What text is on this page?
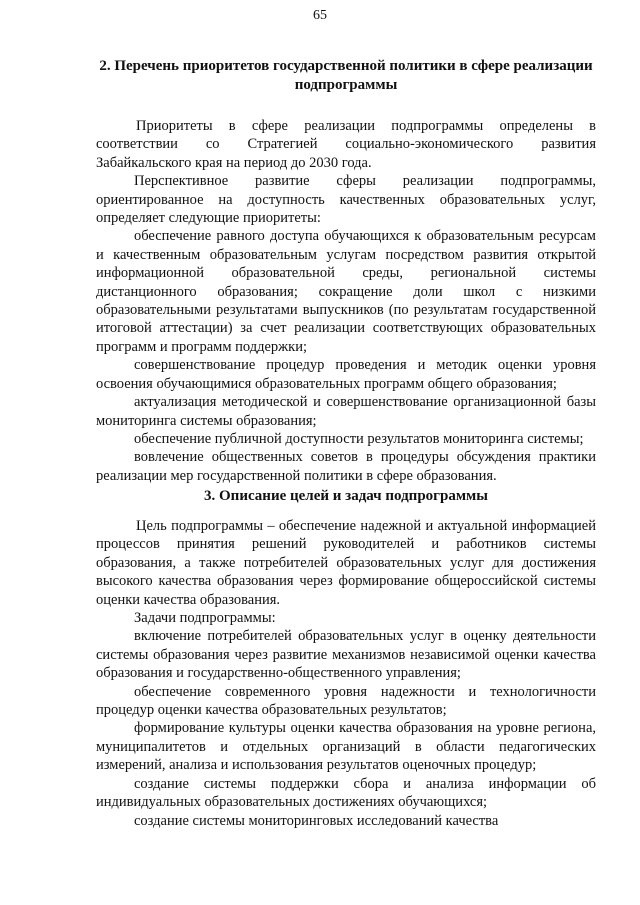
65
2. Перечень приоритетов государственной политики в сфере реализации подпрограммы

Приоритеты в сфере реализации подпрограммы определены в соответствии со Стратегией социально-экономического развития Забайкальского края на период до 2030 года.

Перспективное развитие сферы реализации подпрограммы, ориентированное на доступность качественных образовательных услуг, определяет следующие приоритеты:

обеспечение равного доступа обучающихся к образовательным ресурсам и качественным образовательным услугам посредством развития открытой информационной образовательной среды, региональной системы дистанционного образования; сокращение доли школ с низкими образовательными результатами выпускников (по результатам государственной итоговой аттестации) за счет реализации соответствующих образовательных программ и программ поддержки;

совершенствование процедур проведения и методик оценки уровня освоения обучающимися образовательных программ общего образования;

актуализация методической и совершенствование организационной базы мониторинга системы образования;

обеспечение публичной доступности результатов мониторинга системы;

вовлечение общественных советов в процедуры обсуждения практики реализации мер государственной политики в сфере образования.

3. Описание целей и задач подпрограммы

Цель подпрограммы – обеспечение надежной и актуальной информацией процессов принятия решений руководителей и работников системы образования, а также потребителей образовательных услуг для достижения высокого качества образования через формирование общероссийской системы оценки качества образования.

Задачи подпрограммы:

включение потребителей образовательных услуг в оценку деятельности системы образования через развитие механизмов независимой оценки качества образования и государственно-общественного управления;

обеспечение современного уровня надежности и технологичности процедур оценки качества образовательных результатов;

формирование культуры оценки качества образования на уровне региона, муниципалитетов и отдельных организаций в области педагогических измерений, анализа и использования результатов оценочных процедур;

создание системы поддержки сбора и анализа информации об индивидуальных образовательных достижениях обучающихся;

создание системы мониторинговых исследований качества
